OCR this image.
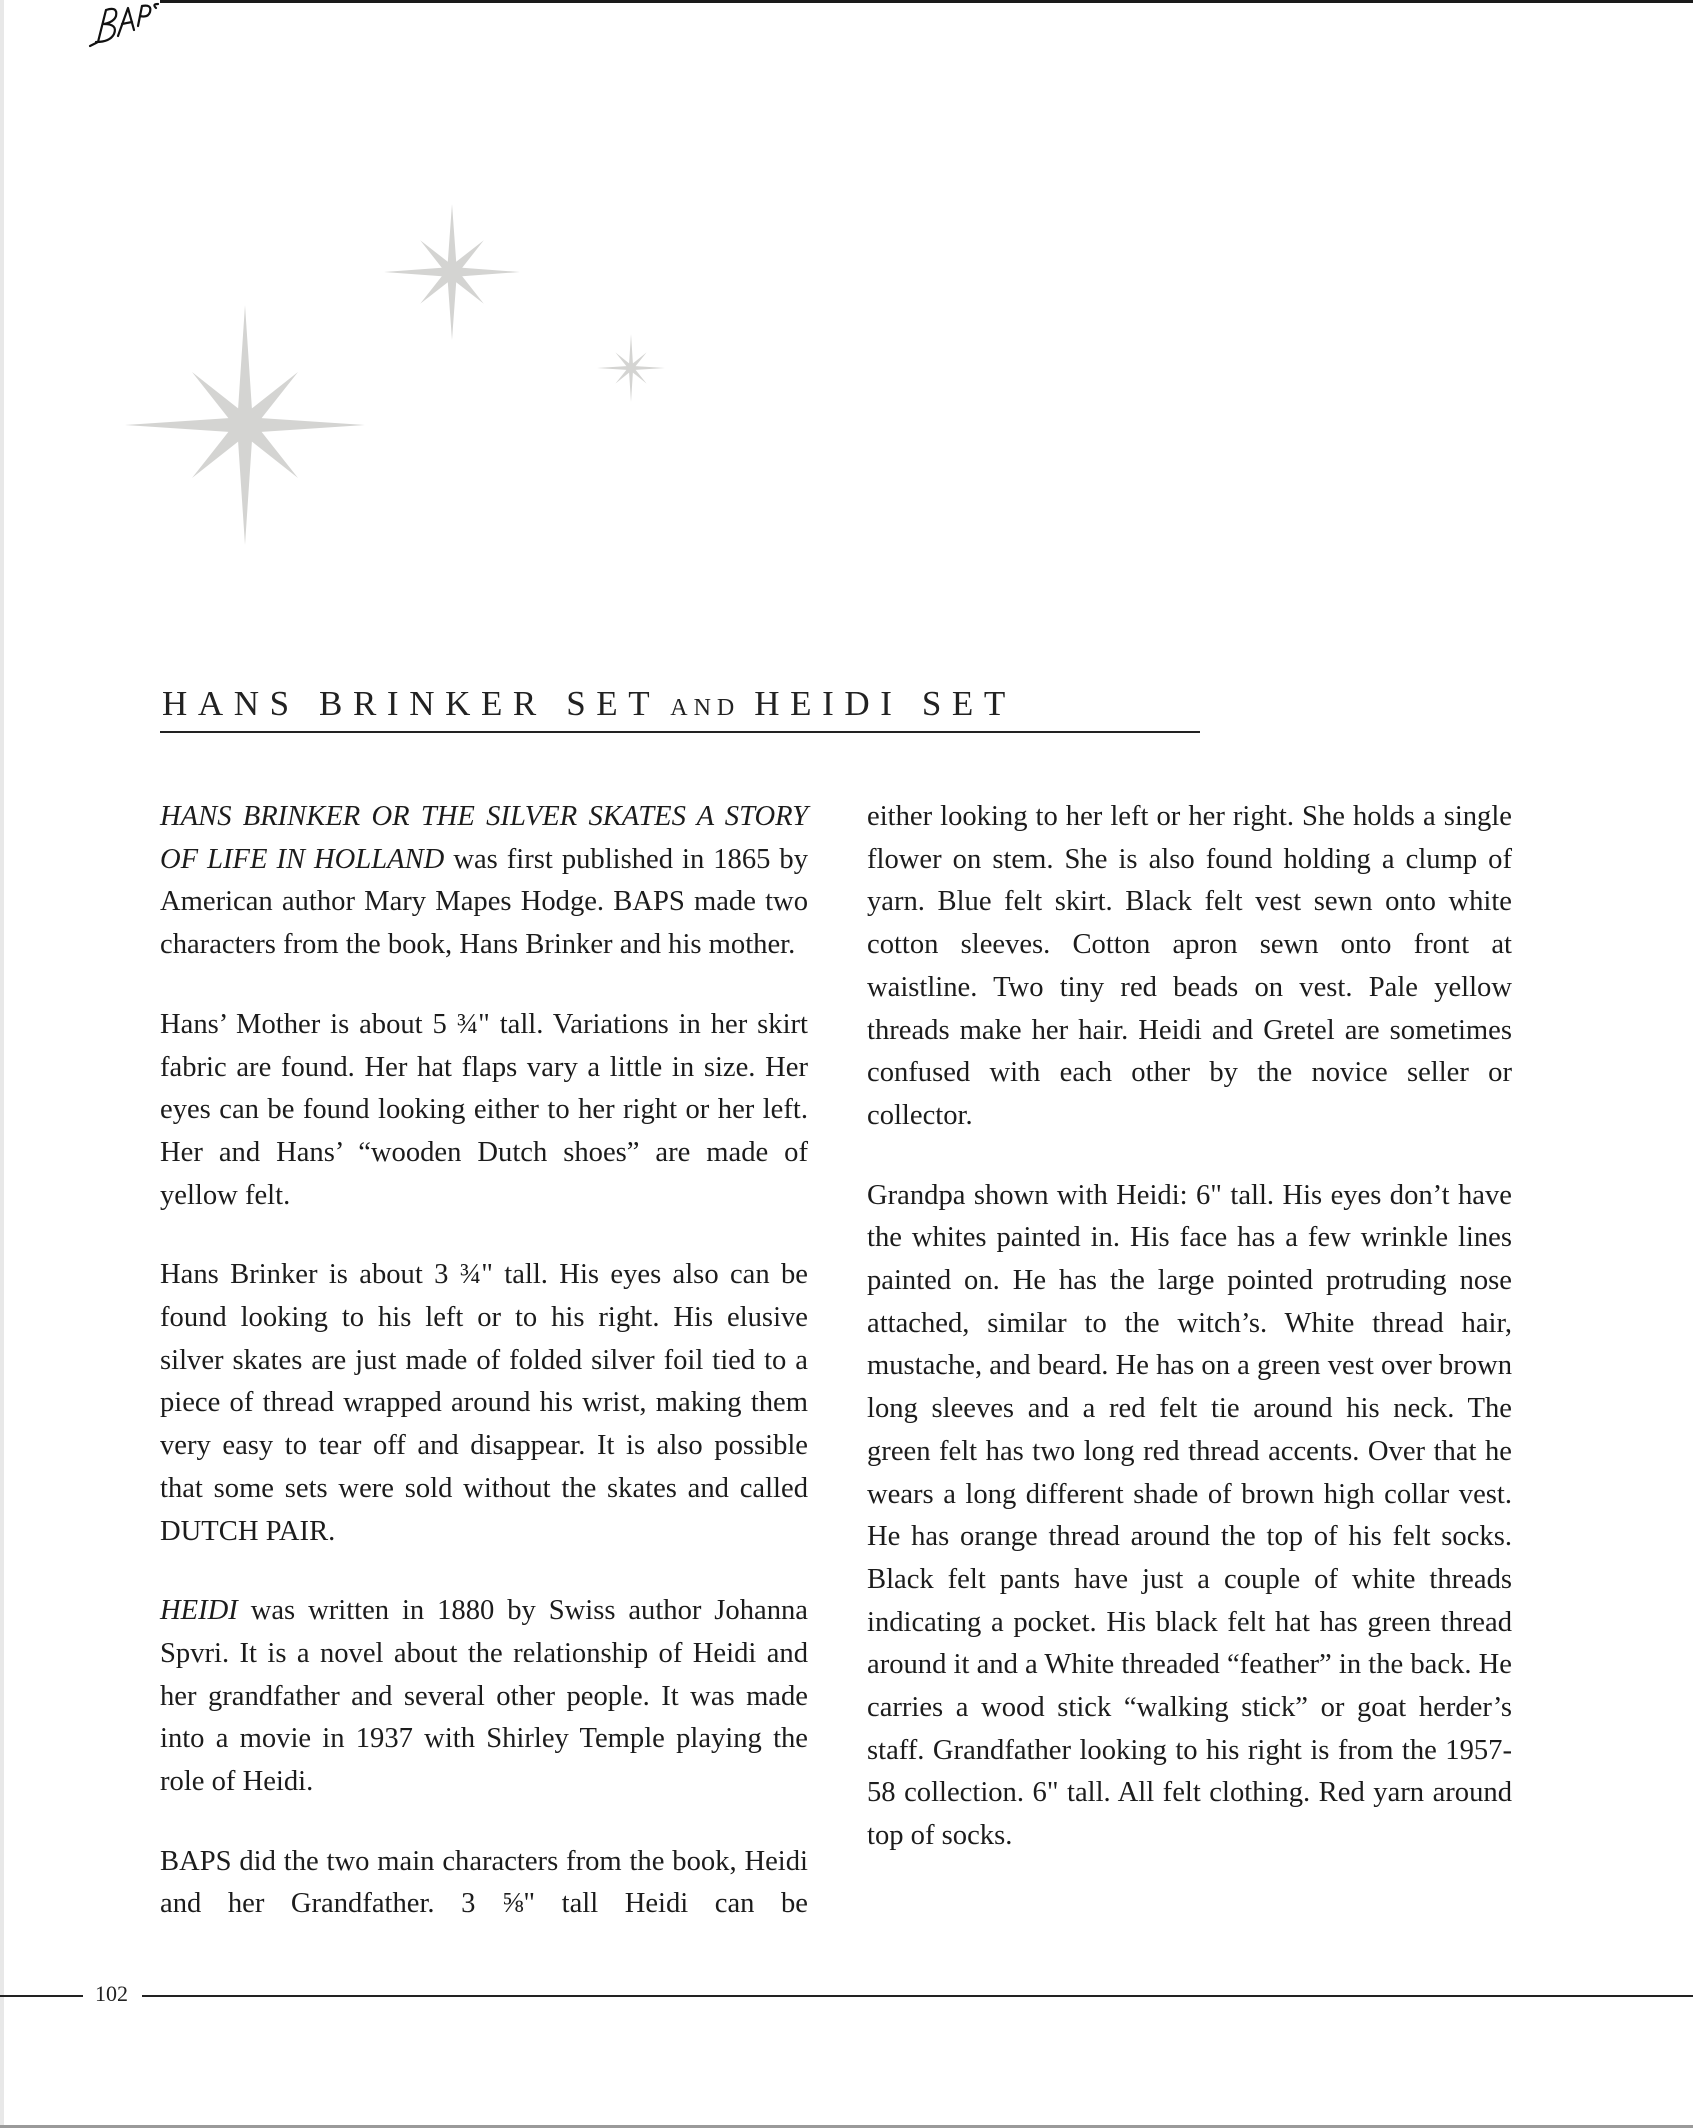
HANS BRINKER SET AND HEIDI SET

HANS BRINKER OR THE SILVER SKATES A STORY OF LIFE IN HOLLAND was first published in 1865 by American author Mary Mapes Hodge. BAPS made two characters from the book, Hans Brinker and his mother.

Hans’ Mother is about 5 ¾" tall. Variations in her skirt fabric are found. Her hat flaps vary a little in size. Her eyes can be found looking either to her right or her left. Her and Hans’ “wooden Dutch shoes” are made of yellow felt.

Hans Brinker is about 3 ¾" tall. His eyes also can be found looking to his left or to his right. His elusive silver skates are just made of folded silver foil tied to a piece of thread wrapped around his wrist, making them very easy to tear off and disappear. It is also possible that some sets were sold without the skates and called DUTCH PAIR.

HEIDI was written in 1880 by Swiss author Johanna Spvri. It is a novel about the relationship of Heidi and her grandfather and several other people. It was made into a movie in 1937 with Shirley Temple playing the role of Heidi.

BAPS did the two main characters from the book, Heidi and her Grandfather. 3 ⅝" tall Heidi can be

either looking to her left or her right. She holds a single flower on stem. She is also found holding a clump of yarn. Blue felt skirt. Black felt vest sewn onto white cotton sleeves. Cotton apron sewn onto front at waistline. Two tiny red beads on vest. Pale yellow threads make her hair. Heidi and Gretel are sometimes confused with each other by the novice seller or collector.

Grandpa shown with Heidi: 6" tall. His eyes don’t have the whites painted in. His face has a few wrinkle lines painted on. He has the large pointed protruding nose attached, similar to the witch’s. White thread hair, mustache, and beard. He has on a green vest over brown long sleeves and a red felt tie around his neck. The green felt has two long red thread accents. Over that he wears a long different shade of brown high collar vest. He has orange thread around the top of his felt socks. Black felt pants have just a couple of white threads indicating a pocket. His black felt hat has green thread around it and a White threaded “feather” in the back. He carries a wood stick “walking stick” or goat herder’s staff. Grandfather looking to his right is from the 1957-58 collection. 6" tall. All felt clothing. Red yarn around top of socks.

102
